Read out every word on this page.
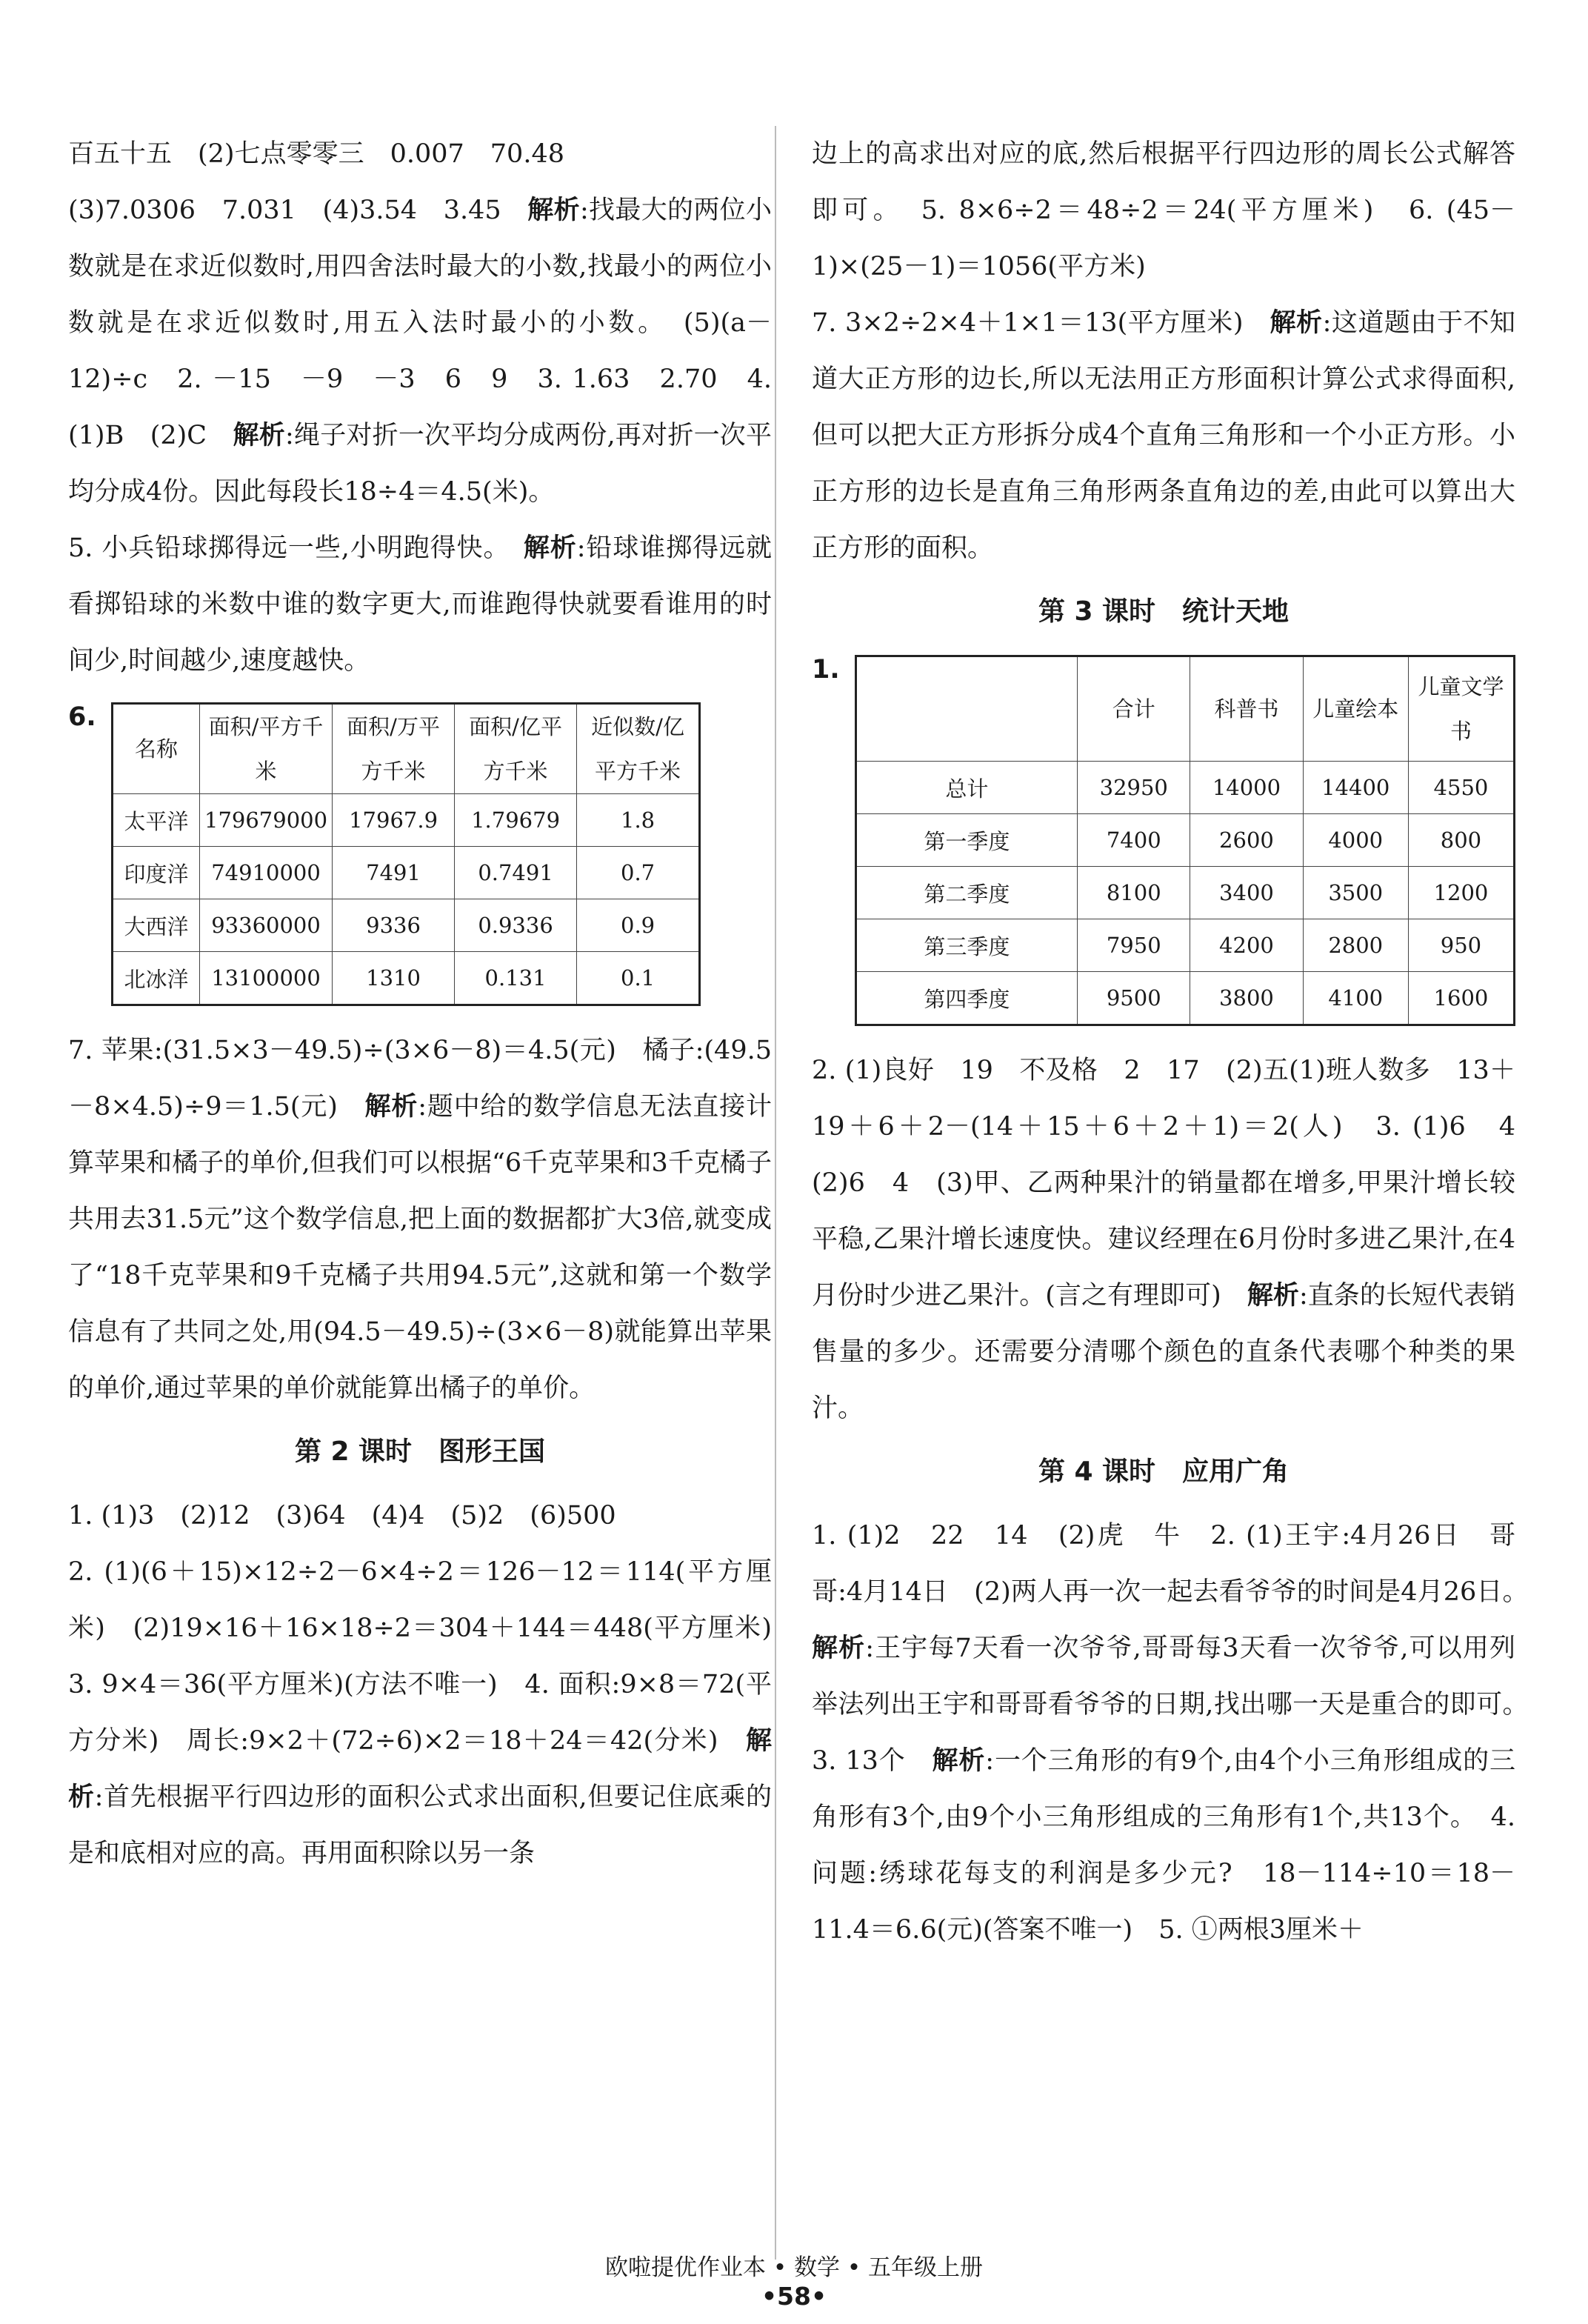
百五十五　(2)七点零零三　0.007　70.48

(3)7.0306　7.031　(4)3.54　3.45　解析:找最大的两位小数就是在求近似数时,用四舍法时最大的小数,找最小的两位小数就是在求近似数时,用五入法时最小的小数。　(5)(a－12)÷c　2. －15　－9　－3　6　9　3. 1.63　2.70　4. (1)B　(2)C　解析:绳子对折一次平均分成两份,再对折一次平均分成4份。因此每段长18÷4＝4.5(米)。

5. 小兵铅球掷得远一些,小明跑得快。　解析:铅球谁掷得远就看掷铅球的米数中谁的数字更大,而谁跑得快就要看谁用的时间少,时间越少,速度越快。

6.
名称	面积/平方千米	面积/万平方千米	面积/亿平方千米	近似数/亿平方千米
太平洋	179679000	17967.9	1.79679	1.8
印度洋	74910000	7491	0.7491	0.7
大西洋	93360000	9336	0.9336	0.9
北冰洋	13100000	1310	0.131	0.1

7. 苹果:(31.5×3－49.5)÷(3×6－8)＝4.5(元)　橘子:(49.5－8×4.5)÷9＝1.5(元)　解析:题中给的数学信息无法直接计算苹果和橘子的单价,但我们可以根据“6千克苹果和3千克橘子共用去31.5元”这个数学信息,把上面的数据都扩大3倍,就变成了“18千克苹果和9千克橘子共用94.5元”,这就和第一个数学信息有了共同之处,用(94.5－49.5)÷(3×6－8)就能算出苹果的单价,通过苹果的单价就能算出橘子的单价。

第 2 课时　图形王国

1. (1)3　(2)12　(3)64　(4)4　(5)2　(6)500

2. (1)(6＋15)×12÷2－6×4÷2＝126－12＝114(平方厘米)　(2)19×16＋16×18÷2＝304＋144＝448(平方厘米)　3. 9×4＝36(平方厘米)(方法不唯一)　4. 面积:9×8＝72(平方分米)　周长:9×2＋(72÷6)×2＝18＋24＝42(分米)　解析:首先根据平行四边形的面积公式求出面积,但要记住底乘的是和底相对应的高。再用面积除以另一条

边上的高求出对应的底,然后根据平行四边形的周长公式解答即可。　5. 8×6÷2＝48÷2＝24(平方厘米)　6. (45－1)×(25－1)＝1056(平方米)

7. 3×2÷2×4＋1×1＝13(平方厘米)　解析:这道题由于不知道大正方形的边长,所以无法用正方形面积计算公式求得面积,但可以把大正方形拆分成4个直角三角形和一个小正方形。小正方形的边长是直角三角形两条直角边的差,由此可以算出大正方形的面积。

第 3 课时　统计天地
1.
	合计	科普书	儿童绘本	儿童文学书
总计	32950	14000	14400	4550
第一季度	7400	2600	4000	800
第二季度	8100	3400	3500	1200
第三季度	7950	4200	2800	950
第四季度	9500	3800	4100	1600

2. (1)良好　19　不及格　2　17　(2)五(1)班人数多　13＋19＋6＋2－(14＋15＋6＋2＋1)＝2(人)　3. (1)6　4　(2)6　4　(3)甲、乙两种果汁的销量都在增多,甲果汁增长较平稳,乙果汁增长速度快。建议经理在6月份时多进乙果汁,在4月份时少进乙果汁。(言之有理即可)　解析:直条的长短代表销售量的多少。还需要分清哪个颜色的直条代表哪个种类的果汁。

第 4 课时　应用广角

1. (1)2　22　14　(2)虎　牛　2. (1)王宇:4月26日　哥哥:4月14日　(2)两人再一次一起去看爷爷的时间是4月26日。　解析:王宇每7天看一次爷爷,哥哥每3天看一次爷爷,可以用列举法列出王宇和哥哥看爷爷的日期,找出哪一天是重合的即可。　3. 13个　解析:一个三角形的有9个,由4个小三角形组成的三角形有3个,由9个小三角形组成的三角形有1个,共13个。　4. 问题:绣球花每支的利润是多少元?　18－114÷10＝18－11.4＝6.6(元)(答案不唯一)　5. ①两根3厘米＋

欧啦提优作业本 • 数学 • 五年级上册
•58•
